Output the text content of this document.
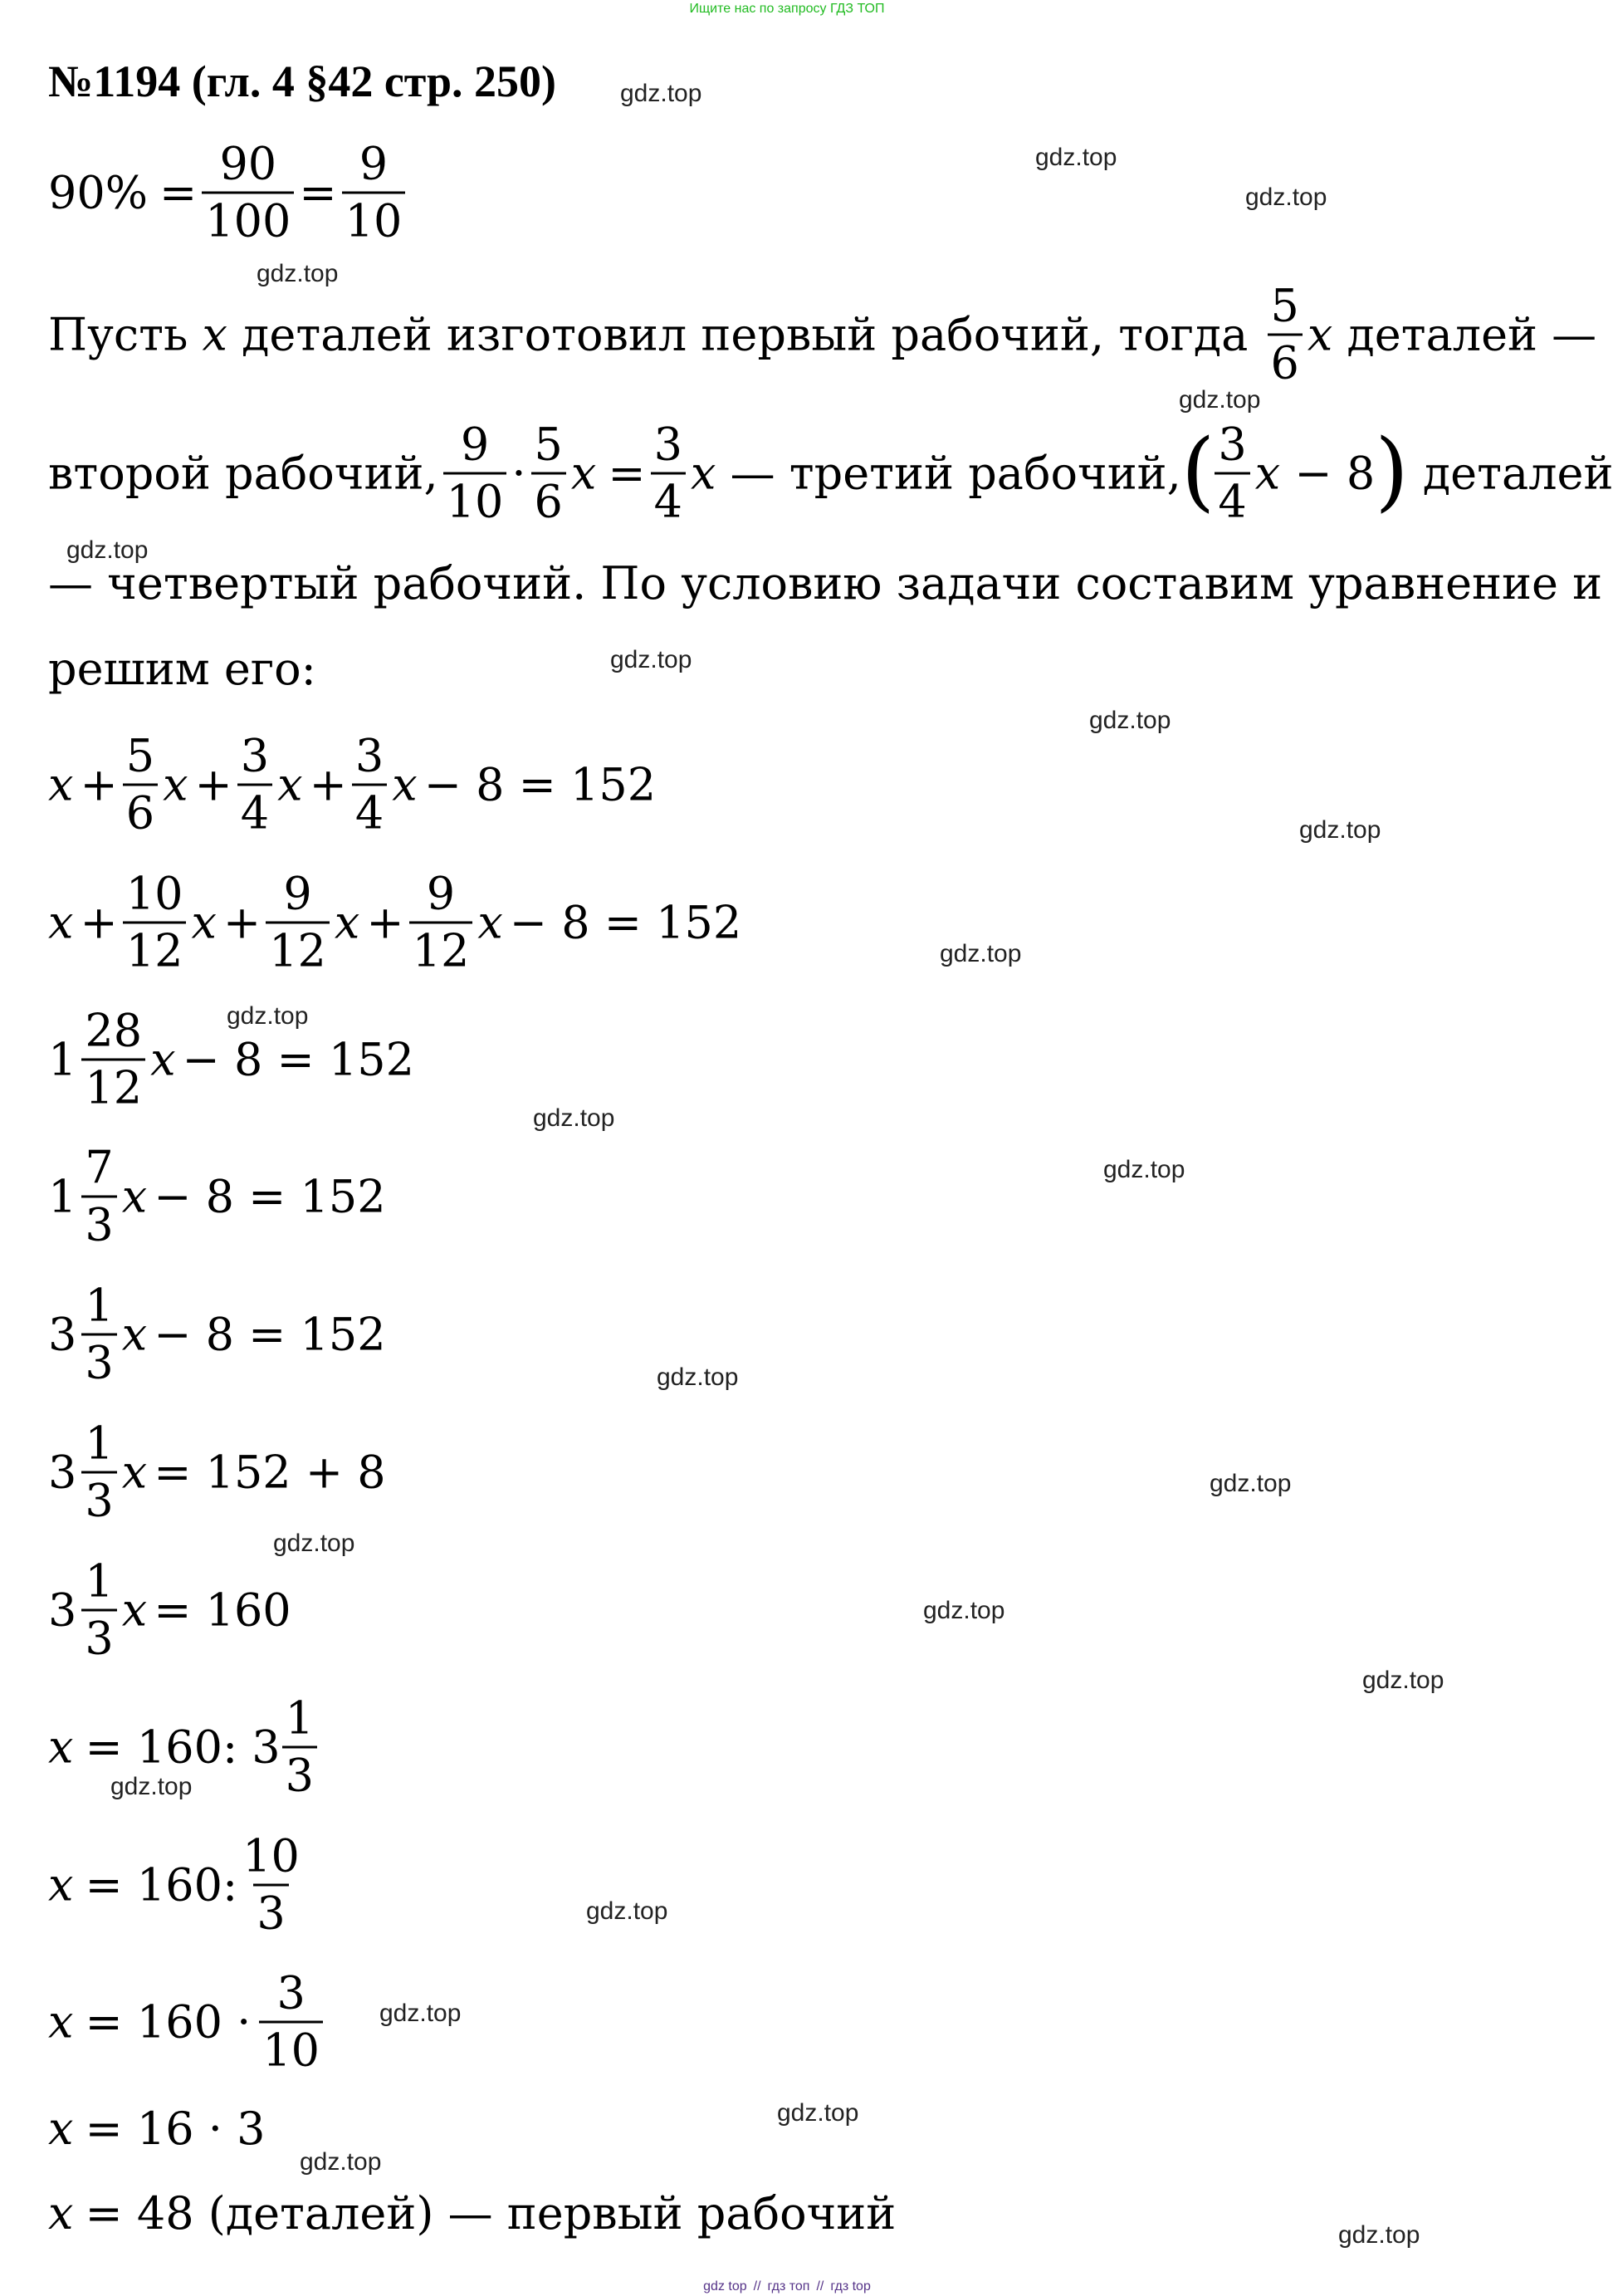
Ищите нас по запросу ГДЗ ТОП
№1194 (гл. 4 §42 стр. 250)	gdz.top
gdz.top
gdz.top
gdz.top
gdz.top
gdz.top
gdz.top
gdz.top
gdz.top
gdz.top
gdz.top
gdz.top
gdz.top
gdz.top
gdz.top
gdz.top
gdz.top
gdz.top
gdz.top
gdz.top
gdz.top
gdz.top
gdz.top
gdz.top
$90\% = \frac{90}{100} = \frac{9}{10}$
Пусть x деталей изготовил первый рабочий, тогда $\frac{5}{6}$ x деталей —
второй рабочий, $\frac{9}{10} \cdot \frac{5}{6}$ $x = \frac{3}{4}$ x — третий рабочий, ( $\frac{3}{4}$ x − 8 ) деталей
— четвертый рабочий. По условию задачи составим уравнение и
решим его:
$x + \frac{5}{6}$ $x + \frac{3}{4}$ $x + \frac{3}{4}$ x − 8 = 152
$x + \frac{10}{12}$ $x + \frac{9}{12}$ $x + \frac{9}{12}$ x − 8 = 152
$1 \frac{28}{12}$ x − 8 = 152
$1 \frac{7}{3}$ x − 8 = 152
$3 \frac{1}{3}$ x − 8 = 152
$3 \frac{1}{3}$ x = 152 + 8
$3 \frac{1}{3}$ x = 160
x = 160: $3 \frac{1}{3}$
x = 160: $\frac{10}{3}$
$x = 160 \cdot \frac{3}{10}$
x = 16 · 3
x = 48 (деталей) — первый рабочий
gdz top // гдз топ // гдз top
